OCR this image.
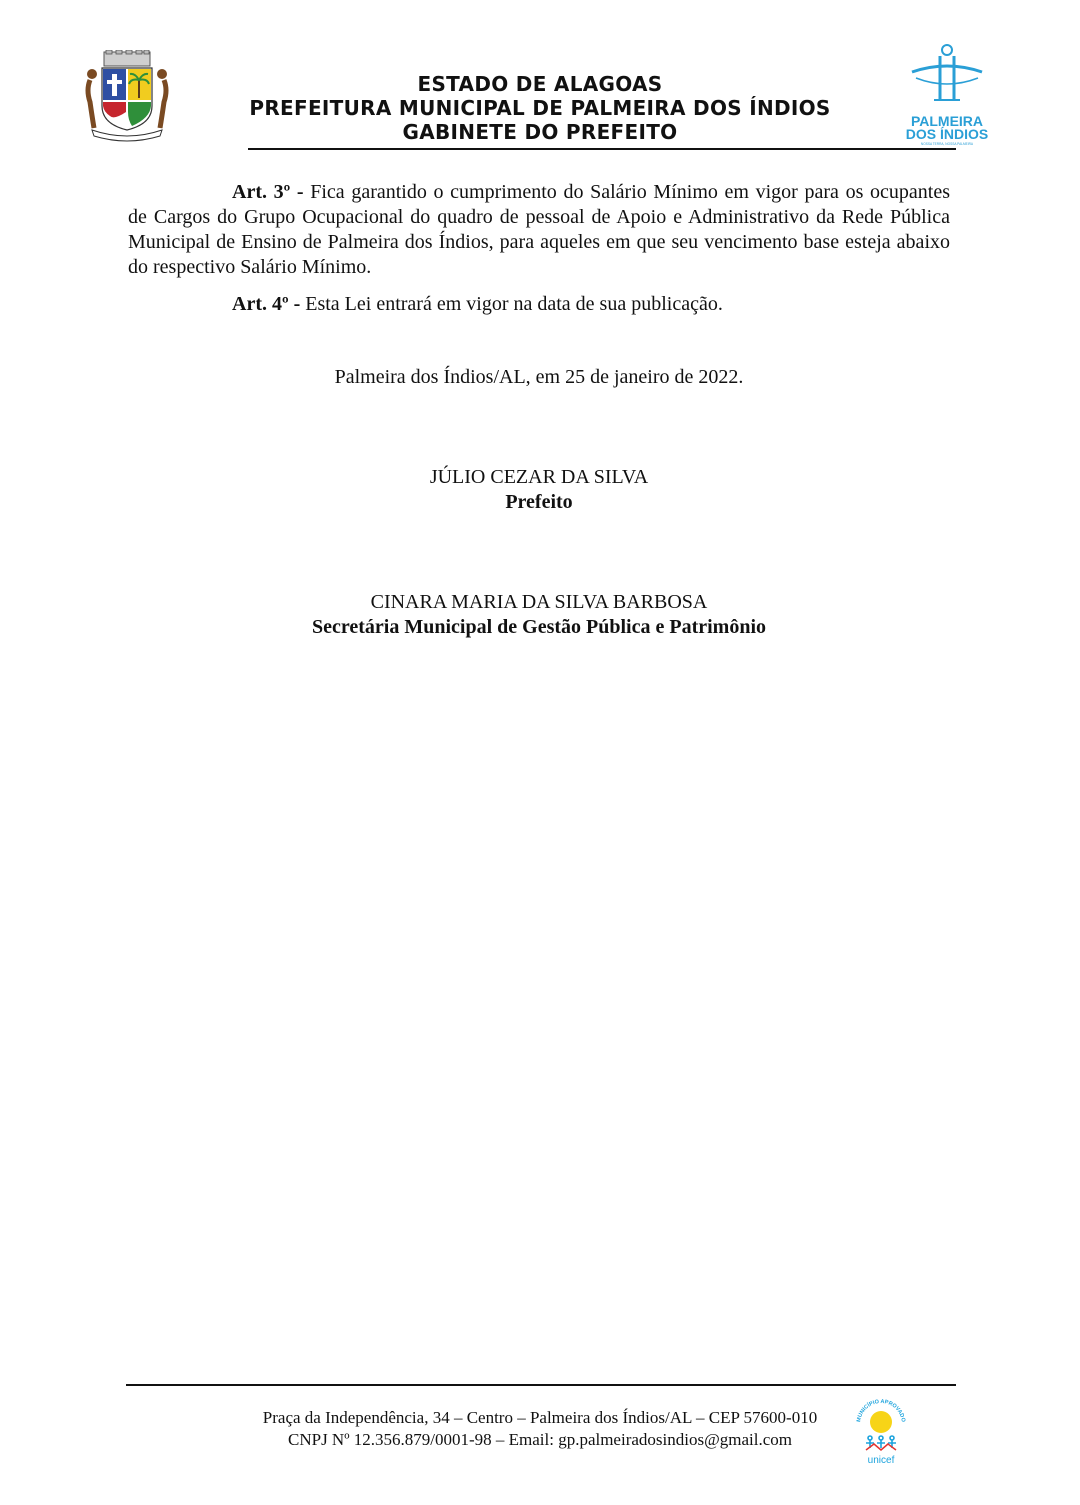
ESTADO DE ALAGOAS
PREFEITURA MUNICIPAL DE PALMEIRA DOS ÍNDIOS
GABINETE DO PREFEITO	PALMEIRA
DOS ÍNDIOS
NOSSA TERRA, NOSSA PALMEIRA

Art. 3º - Fica garantido o cumprimento do Salário Mínimo em vigor para os ocupantes de Cargos do Grupo Ocupacional do quadro de pessoal de Apoio e Administrativo da Rede Pública Municipal de Ensino de Palmeira dos Índios, para aqueles em que seu vencimento base esteja abaixo do respectivo Salário Mínimo.

Art. 4º - Esta Lei entrará em vigor na data de sua publicação.

Palmeira dos Índios/AL, em 25 de janeiro de 2022.
JÚLIO CEZAR DA SILVA
Prefeito
CINARA MARIA DA SILVA BARBOSA
Secretária Municipal de Gestão Pública e Patrimônio
Praça da Independência, 34 – Centro – Palmeira dos Índios/AL – CEP 57600-010
CNPJ Nº 12.356.879/0001-98 – Email: gp.palmeiradosindios@gmail.com
MUNICÍPIO APROVADO
unicef
